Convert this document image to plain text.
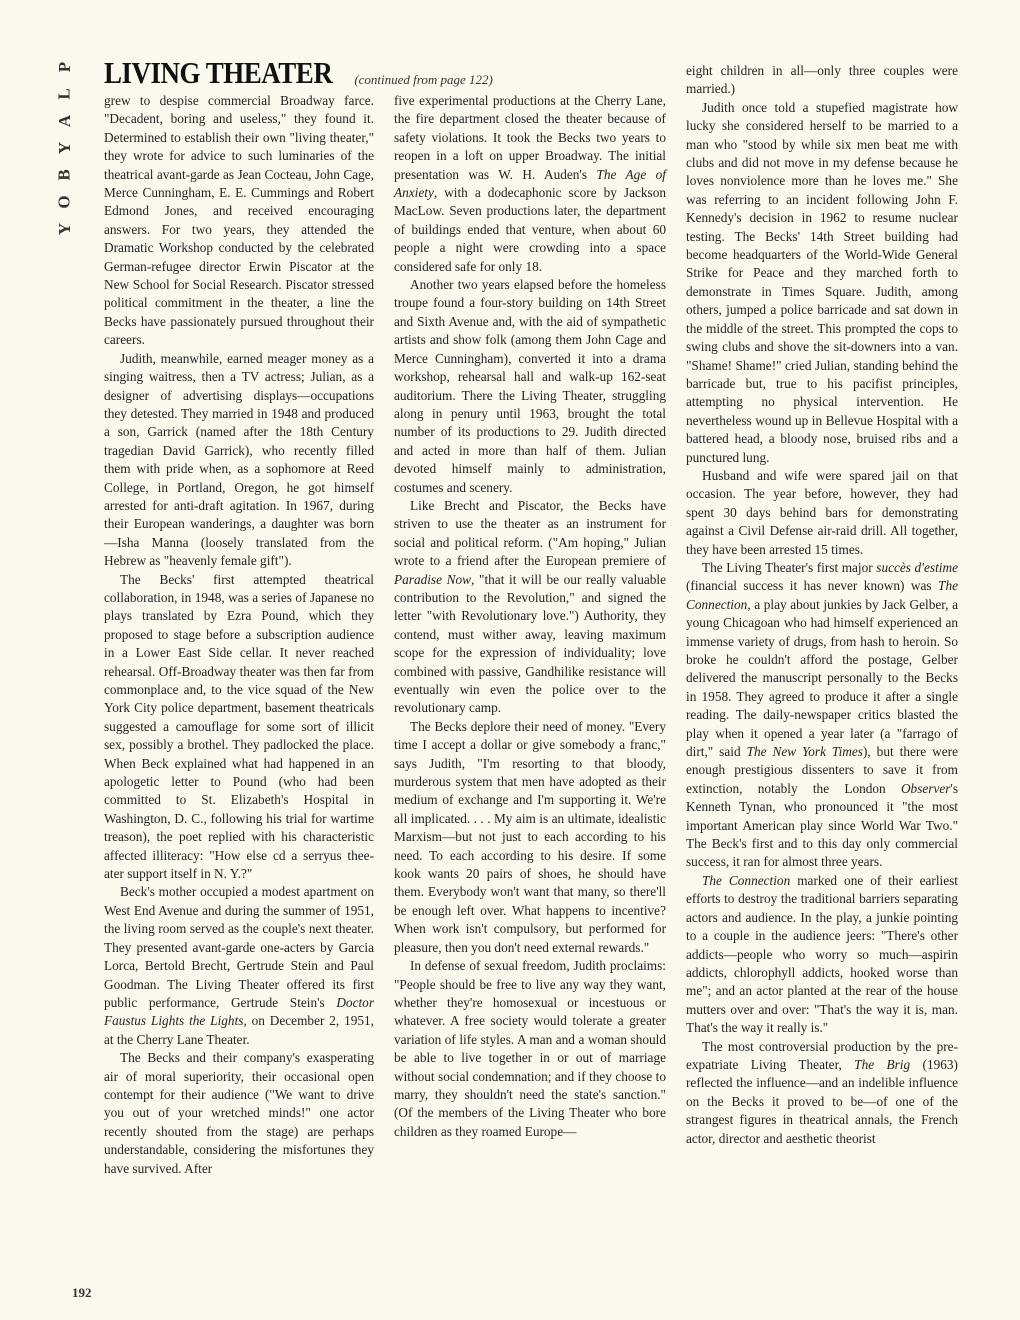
P
L
A
Y
B
O
Y
LIVING THEATER (continued from page 122)

grew to despise commercial Broadway farce. "Decadent, boring and useless," they found it. Determined to establish their own "living theater," they wrote for advice to such luminaries of the theatrical avant-garde as Jean Cocteau, John Cage, Merce Cunningham, E. E. Cummings and Robert Edmond Jones, and received encouraging answers. For two years, they attended the Dramatic Workshop conducted by the celebrated German-refugee director Erwin Piscator at the New School for Social Research. Piscator stressed political commitment in the theater, a line the Becks have passionately pursued throughout their careers.

Judith, meanwhile, earned meager money as a singing waitress, then a TV actress; Julian, as a designer of advertising displays—occupations they detested. They married in 1948 and produced a son, Garrick (named after the 18th Century tragedian David Garrick), who recently filled them with pride when, as a sophomore at Reed College, in Portland, Oregon, he got himself arrested for anti-draft agitation. In 1967, during their European wanderings, a daughter was born—Isha Manna (loosely translated from the Hebrew as "heavenly female gift").

The Becks' first attempted theatrical collaboration, in 1948, was a series of Japanese no plays translated by Ezra Pound, which they proposed to stage before a subscription audience in a Lower East Side cellar. It never reached rehearsal. Off-Broadway theater was then far from commonplace and, to the vice squad of the New York City police department, basement theatricals suggested a camouflage for some sort of illicit sex, possibly a brothel. They padlocked the place. When Beck explained what had happened in an apologetic letter to Pound (who had been committed to St. Elizabeth's Hospital in Washington, D. C., following his trial for wartime treason), the poet replied with his characteristic affected illiteracy: "How else cd a serryus thee-ater support itself in N. Y.?"

Beck's mother occupied a modest apartment on West End Avenue and during the summer of 1951, the living room served as the couple's next theater. They presented avant-garde one-acters by Garcia Lorca, Bertold Brecht, Gertrude Stein and Paul Goodman. The Living Theater offered its first public performance, Gertrude Stein's Doctor Faustus Lights the Lights, on December 2, 1951, at the Cherry Lane Theater.

The Becks and their company's exasperating air of moral superiority, their occasional open contempt for their audience ("We want to drive you out of your wretched minds!" one actor recently shouted from the stage) are perhaps understandable, considering the misfortunes they have survived. After

five experimental productions at the Cherry Lane, the fire department closed the theater because of safety violations. It took the Becks two years to reopen in a loft on upper Broadway. The initial presentation was W. H. Auden's The Age of Anxiety, with a dodecaphonic score by Jackson MacLow. Seven productions later, the department of buildings ended that venture, when about 60 people a night were crowding into a space considered safe for only 18.

Another two years elapsed before the homeless troupe found a four-story building on 14th Street and Sixth Avenue and, with the aid of sympathetic artists and show folk (among them John Cage and Merce Cunningham), converted it into a drama workshop, rehearsal hall and walk-up 162-seat auditorium. There the Living Theater, struggling along in penury until 1963, brought the total number of its productions to 29. Judith directed and acted in more than half of them. Julian devoted himself mainly to administration, costumes and scenery.

Like Brecht and Piscator, the Becks have striven to use the theater as an instrument for social and political reform. ("Am hoping," Julian wrote to a friend after the European premiere of Paradise Now, "that it will be our really valuable contribution to the Revolution," and signed the letter "with Revolutionary love.") Authority, they contend, must wither away, leaving maximum scope for the expression of individuality; love combined with passive, Gandhilike resistance will eventually win even the police over to the revolutionary camp.

The Becks deplore their need of money. "Every time I accept a dollar or give somebody a franc," says Judith, "I'm resorting to that bloody, murderous system that men have adopted as their medium of exchange and I'm supporting it. We're all implicated. . . . My aim is an ultimate, idealistic Marxism—but not just to each according to his need. To each according to his desire. If some kook wants 20 pairs of shoes, he should have them. Everybody won't want that many, so there'll be enough left over. What happens to incentive? When work isn't compulsory, but performed for pleasure, then you don't need external rewards."

In defense of sexual freedom, Judith proclaims: "People should be free to live any way they want, whether they're homosexual or incestuous or whatever. A free society would tolerate a greater variation of life styles. A man and a woman should be able to live together in or out of marriage without social condemnation; and if they choose to marry, they shouldn't need the state's sanction." (Of the members of the Living Theater who bore children as they roamed Europe—

eight children in all—only three couples were married.)

Judith once told a stupefied magistrate how lucky she considered herself to be married to a man who "stood by while six men beat me with clubs and did not move in my defense because he loves nonviolence more than he loves me." She was referring to an incident following John F. Kennedy's decision in 1962 to resume nuclear testing. The Becks' 14th Street building had become headquarters of the World-Wide General Strike for Peace and they marched forth to demonstrate in Times Square. Judith, among others, jumped a police barricade and sat down in the middle of the street. This prompted the cops to swing clubs and shove the sit-downers into a van. "Shame! Shame!" cried Julian, standing behind the barricade but, true to his pacifist principles, attempting no physical intervention. He nevertheless wound up in Bellevue Hospital with a battered head, a bloody nose, bruised ribs and a punctured lung.

Husband and wife were spared jail on that occasion. The year before, however, they had spent 30 days behind bars for demonstrating against a Civil Defense air-raid drill. All together, they have been arrested 15 times.

The Living Theater's first major succès d'estime (financial success it has never known) was The Connection, a play about junkies by Jack Gelber, a young Chicagoan who had himself experienced an immense variety of drugs, from hash to heroin. So broke he couldn't afford the postage, Gelber delivered the manuscript personally to the Becks in 1958. They agreed to produce it after a single reading. The daily-newspaper critics blasted the play when it opened a year later (a "farrago of dirt," said The New York Times), but there were enough prestigious dissenters to save it from extinction, notably the London Observer's Kenneth Tynan, who pronounced it "the most important American play since World War Two." The Beck's first and to this day only commercial success, it ran for almost three years.

The Connection marked one of their earliest efforts to destroy the traditional barriers separating actors and audience. In the play, a junkie pointing to a couple in the audience jeers: "There's other addicts—people who worry so much—aspirin addicts, chlorophyll addicts, hooked worse than me"; and an actor planted at the rear of the house mutters over and over: "That's the way it is, man. That's the way it really is."

The most controversial production by the pre-expatriate Living Theater, The Brig (1963) reflected the influence—and an indelible influence on the Becks it proved to be—of one of the strangest figures in theatrical annals, the French actor, director and aesthetic theorist

192
